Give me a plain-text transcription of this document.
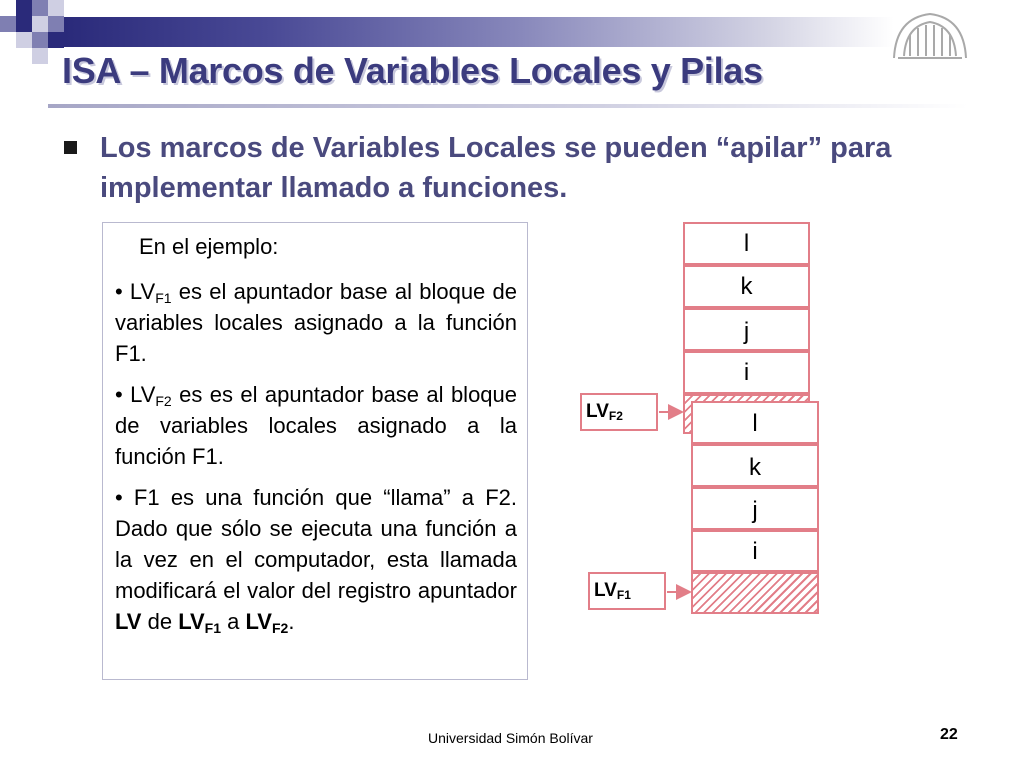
ISA – Marcos de Variables Locales y Pilas
Los marcos de Variables Locales se pueden “apilar” para implementar llamado a funciones.

En el ejemplo:

• $LV_{F1}$ es el apuntador base al bloque de variables locales asignado a la función F1.

• $LV_{F2}$ es es el apuntador base al bloque de variables locales asignado a la función F1.

• F1 es una función que “llama” a F2. Dado que sólo se ejecuta una función a la vez en el computador, esta llamada modificará el valor del registro apuntador LV de $LV_{F1}$ a $LV_{F2}$.

l
k
j
i
l
k
j
i
$LV_{F2}$
$LV_{F1}$
Universidad Simón Bolívar	22
